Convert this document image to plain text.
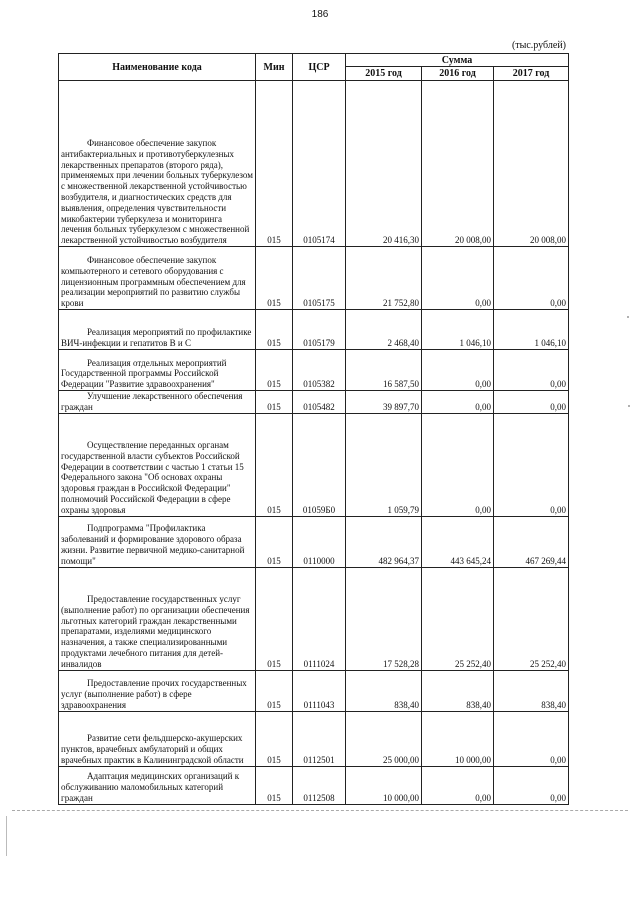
186
(тыс.рублей)
Наименование кода	Мин	ЦСР	Сумма		
			2015 год	2016 год	2017 год

Финансовое обеспечение закупок антибактериальных и противотуберкулезных лекарственных препаратов (второго ряда), применяемых при лечении больных туберкулезом с множественной лекарственной устойчивостью возбудителя, и диагностических средств для выявления, определения чувствительности микобактерии туберкулеза и мониторинга лечения больных туберкулезом с множественной лекарственной устойчивостью возбудителя	015	0105174	20 416,30	20 008,00	20 008,00

Финансовое обеспечение закупок компьютерного и сетевого оборудования с лицензионным программным обеспечением для реализации мероприятий по развитию службы крови	015	0105175	21 752,80	0,00	0,00

Реализация мероприятий по профилактике ВИЧ-инфекции и гепатитов В и С	015	0105179	2 468,40	1 046,10	1 046,10

Реализация отдельных мероприятий Государственной программы Российской Федерации "Развитие здравоохранения"	015	0105382	16 587,50	0,00	0,00

Улучшение лекарственного обеспечения граждан	015	0105482	39 897,70	0,00	0,00

Осуществление переданных органам государственной власти субъектов Российской Федерации в соответствии с частью 1 статьи 15 Федерального закона "Об основах охраны здоровья граждан в Российской Федерации" полномочий Российской Федерации в сфере охраны здоровья	015	01059Б0	1 059,79	0,00	0,00

Подпрограмма "Профилактика заболеваний и формирование здорового образа жизни. Развитие первичной медико-санитарной помощи"	015	0110000	482 964,37	443 645,24	467 269,44

Предоставление государственных услуг (выполнение работ) по организации обеспечения льготных категорий граждан лекарственными препаратами, изделиями медицинского назначения, а также специализированными продуктами лечебного питания для детей-инвалидов	015	0111024	17 528,28	25 252,40	25 252,40

Предоставление прочих государственных услуг (выполнение работ) в сфере здравоохранения	015	0111043	838,40	838,40	838,40

Развитие сети фельдшерско-акушерских пунктов, врачебных амбулаторий и общих врачебных практик в Калининградской области	015	0112501	25 000,00	10 000,00	0,00

Адаптация медицинских организаций к обслуживанию маломобильных категорий граждан	015	0112508	10 000,00	0,00	0,00
